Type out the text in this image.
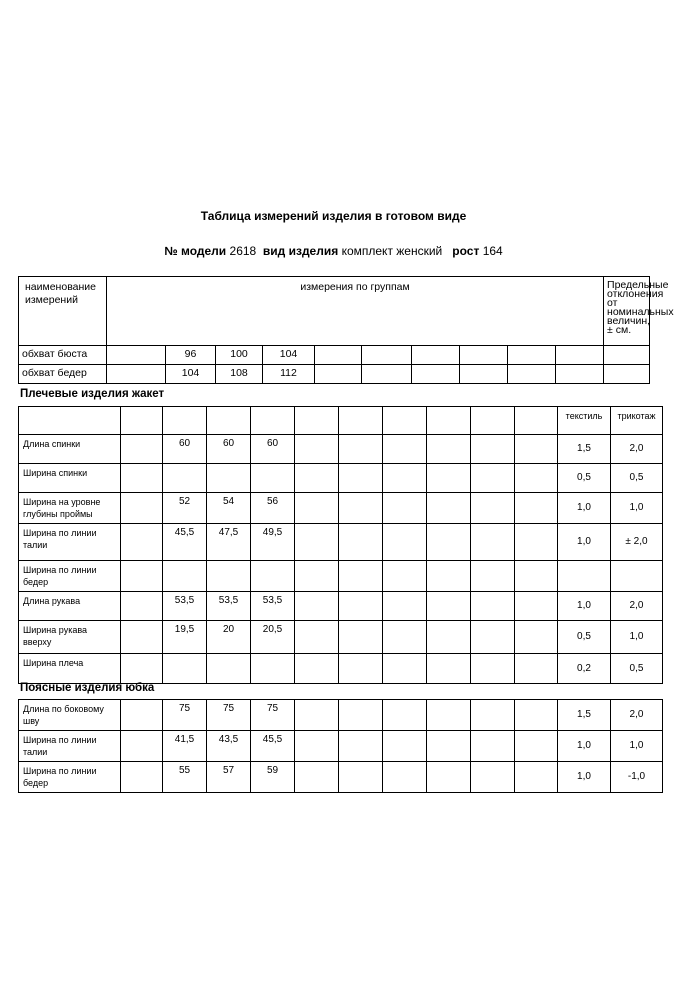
Таблица измерений изделия в готовом виде
№ модели 2618 вид изделия комплект женский рост 164
наименование измерений	измерения по группам										Предельные отклонения от номинальных величин, ± см.
обхват бюста		96	100	104							
обхват бедер		104	108	112							
Плечевые изделия жакет
											текстиль	трикотаж
Длина спинки		60	60	60							1,5	2,0
Ширина спинки											0,5	0,5
Ширина на уровне глубины проймы		52	54	56							1,0	1,0
Ширина по линии талии		45,5	47,5	49,5							1,0	± 2,0
Ширина по линии бедер												
Длина рукава		53,5	53,5	53,5							1,0	2,0
Ширина рукава вверху		19,5	20	20,5							0,5	1,0
Ширина плеча											0,2	0,5
Поясные изделия юбка
Длина по боковому шву		75	75	75							1,5	2,0
Ширина по линии талии		41,5	43,5	45,5							1,0	1,0
Ширина по линии бедер		55	57	59							1,0	-1,0
